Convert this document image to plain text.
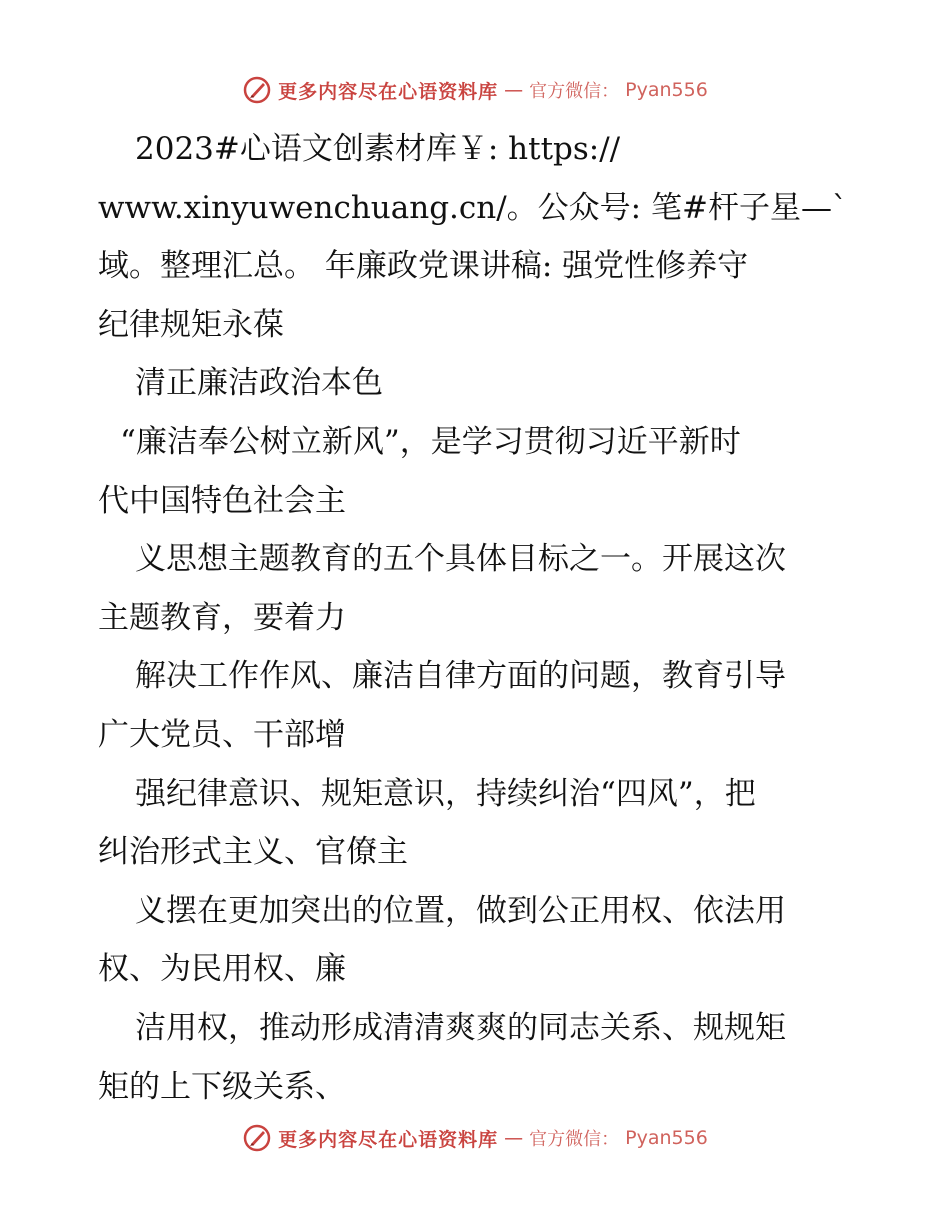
更多内容尽在心语资料库 — 官方微信： Pyan556
2023#心语文创素材库￥: https://
www.xinyuwenchuang.cn/。公众号: 笔#杆子星—`
域。整理汇总。 年廉政党课讲稿: 强党性修养守
纪律规矩永葆
清正廉洁政治本色
“廉洁奉公树立新风”，是学习贯彻习近平新时
代中国特色社会主
义思想主题教育的五个具体目标之一。开展这次
主题教育，要着力
解决工作作风、廉洁自律方面的问题，教育引导
广大党员、干部增
强纪律意识、规矩意识，持续纠治“四风”，把
纠治形式主义、官僚主
义摆在更加突出的位置，做到公正用权、依法用
权、为民用权、廉
洁用权，推动形成清清爽爽的同志关系、规规矩
矩的上下级关系、
更多内容尽在心语资料库 — 官方微信： Pyan556
